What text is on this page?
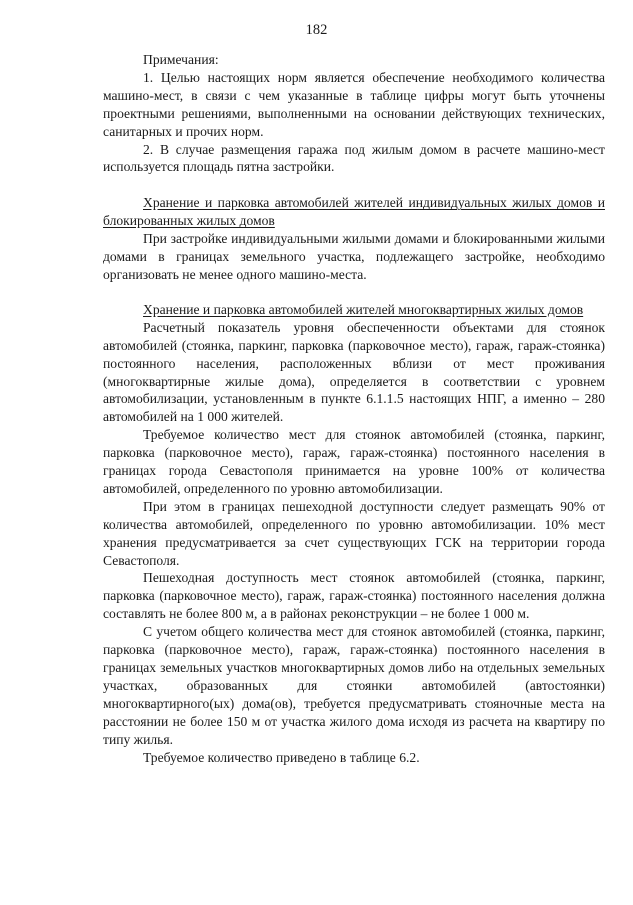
182

Примечания:

1. Целью настоящих норм является обеспечение необходимого количества машино-мест, в связи с чем указанные в таблице цифры могут быть уточнены проектными решениями, выполненными на основании действующих технических, санитарных и прочих норм.

2. В случае размещения гаража под жилым домом в расчете машино-мест используется площадь пятна застройки.

Хранение и парковка автомобилей жителей индивидуальных жилых домов и блокированных жилых домов

При застройке индивидуальными жилыми домами и блокированными жилыми домами в границах земельного участка, подлежащего застройке, необходимо организовать не менее одного машино-места.

Хранение и парковка автомобилей жителей многоквартирных жилых домов

Расчетный показатель уровня обеспеченности объектами для стоянок автомобилей (стоянка, паркинг, парковка (парковочное место), гараж, гараж-стоянка) постоянного населения, расположенных вблизи от мест проживания (многоквартирные жилые дома), определяется в соответствии с уровнем автомобилизации, установленным в пункте 6.1.1.5 настоящих НПГ, а именно – 280 автомобилей на 1 000 жителей.

Требуемое количество мест для стоянок автомобилей (стоянка, паркинг, парковка (парковочное место), гараж, гараж-стоянка) постоянного населения в границах города Севастополя принимается на уровне 100% от количества автомобилей, определенного по уровню автомобилизации.

При этом в границах пешеходной доступности следует размещать 90% от количества автомобилей, определенного по уровню автомобилизации. 10% мест хранения предусматривается за счет существующих ГСК на территории города Севастополя.

Пешеходная доступность мест стоянок автомобилей (стоянка, паркинг, парковка (парковочное место), гараж, гараж-стоянка) постоянного населения должна составлять не более 800 м, а в районах реконструкции – не более 1 000 м.

С учетом общего количества мест для стоянок автомобилей (стоянка, паркинг, парковка (парковочное место), гараж, гараж-стоянка) постоянного населения в границах земельных участков многоквартирных домов либо на отдельных земельных участках, образованных для стоянки автомобилей (автостоянки) многоквартирного(ых) дома(ов), требуется предусматривать стояночные места на расстоянии не более 150 м от участка жилого дома исходя из расчета на квартиру по типу жилья.

Требуемое количество приведено в таблице 6.2.
